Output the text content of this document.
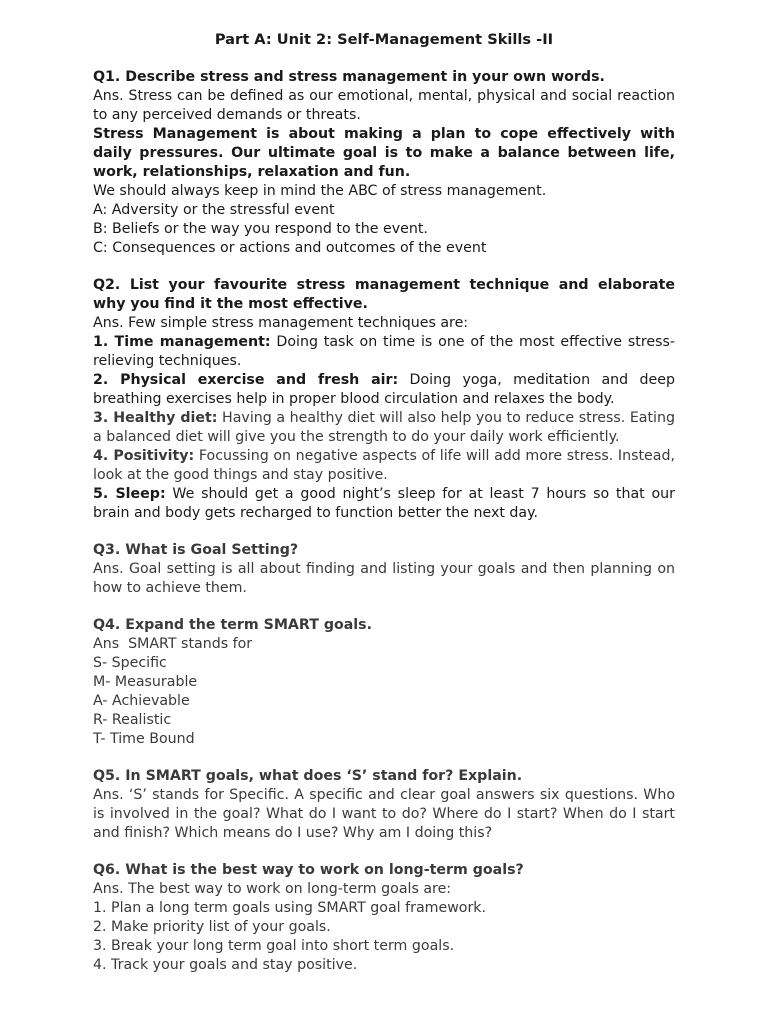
Part A: Unit 2: Self-Management Skills -II

Q1. Describe stress and stress management in your own words.

Ans. Stress can be defined as our emotional, mental, physical and social reaction to any perceived demands or threats.

Stress Management is about making a plan to cope effectively with daily pressures. Our ultimate goal is to make a balance between life, work, relationships, relaxation and fun.

We should always keep in mind the ABC of stress management.

A: Adversity or the stressful event

B: Beliefs or the way you respond to the event.

C: Consequences or actions and outcomes of the event

Q2. List your favourite stress management technique and elaborate why you find it the most effective.

Ans. Few simple stress management techniques are:

1. Time management: Doing task on time is one of the most effective stress-relieving techniques.

2. Physical exercise and fresh air: Doing yoga, meditation and deep breathing exercises help in proper blood circulation and relaxes the body.

3. Healthy diet: Having a healthy diet will also help you to reduce stress. Eating a balanced diet will give you the strength to do your daily work efficiently.

4. Positivity: Focussing on negative aspects of life will add more stress. Instead, look at the good things and stay positive.

5. Sleep: We should get a good night’s sleep for at least 7 hours so that our brain and body gets recharged to function better the next day.

Q3. What is Goal Setting?

Ans. Goal setting is all about finding and listing your goals and then planning on how to achieve them.

Q4. Expand the term SMART goals.

Ans  SMART stands for

S- Specific

M- Measurable

A- Achievable

R- Realistic

T- Time Bound

Q5. In SMART goals, what does ‘S’ stand for? Explain.

Ans. ‘S’ stands for Specific. A specific and clear goal answers six questions. Who is involved in the goal? What do I want to do? Where do I start? When do I start and finish? Which means do I use? Why am I doing this?

Q6. What is the best way to work on long-term goals?

Ans. The best way to work on long-term goals are:

1. Plan a long term goals using SMART goal framework.

2. Make priority list of your goals.

3. Break your long term goal into short term goals.

4. Track your goals and stay positive.
